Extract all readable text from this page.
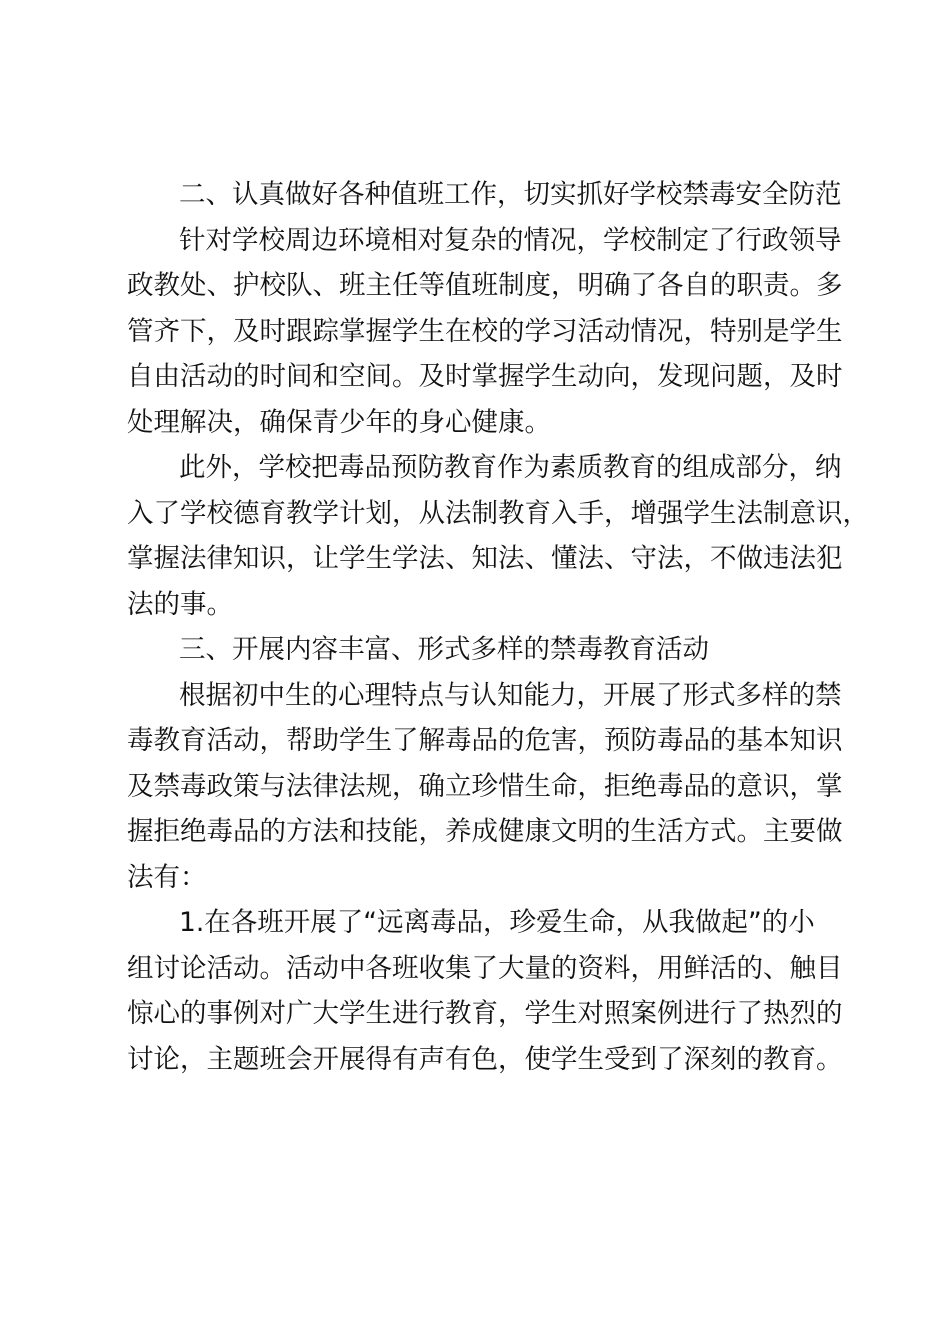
二、认真做好各种值班工作，切实抓好学校禁毒安全防范
针对学校周边环境相对复杂的情况，学校制定了行政领导
政教处、护校队、班主任等值班制度，明确了各自的职责。多
管齐下，及时跟踪掌握学生在校的学习活动情况，特别是学生
自由活动的时间和空间。及时掌握学生动向，发现问题，及时
处理解决，确保青少年的身心健康。
此外，学校把毒品预防教育作为素质教育的组成部分，纳
入了学校德育教学计划，从法制教育入手，增强学生法制意识，
掌握法律知识，让学生学法、知法、懂法、守法，不做违法犯
法的事。
三、开展内容丰富、形式多样的禁毒教育活动
根据初中生的心理特点与认知能力，开展了形式多样的禁
毒教育活动，帮助学生了解毒品的危害，预防毒品的基本知识
及禁毒政策与法律法规，确立珍惜生命，拒绝毒品的意识，掌
握拒绝毒品的方法和技能，养成健康文明的生活方式。主要做
法有：
1.在各班开展了“远离毒品，珍爱生命，从我做起”的小
组讨论活动。活动中各班收集了大量的资料，用鲜活的、触目
惊心的事例对广大学生进行教育，学生对照案例进行了热烈的
讨论，主题班会开展得有声有色，使学生受到了深刻的教育。
